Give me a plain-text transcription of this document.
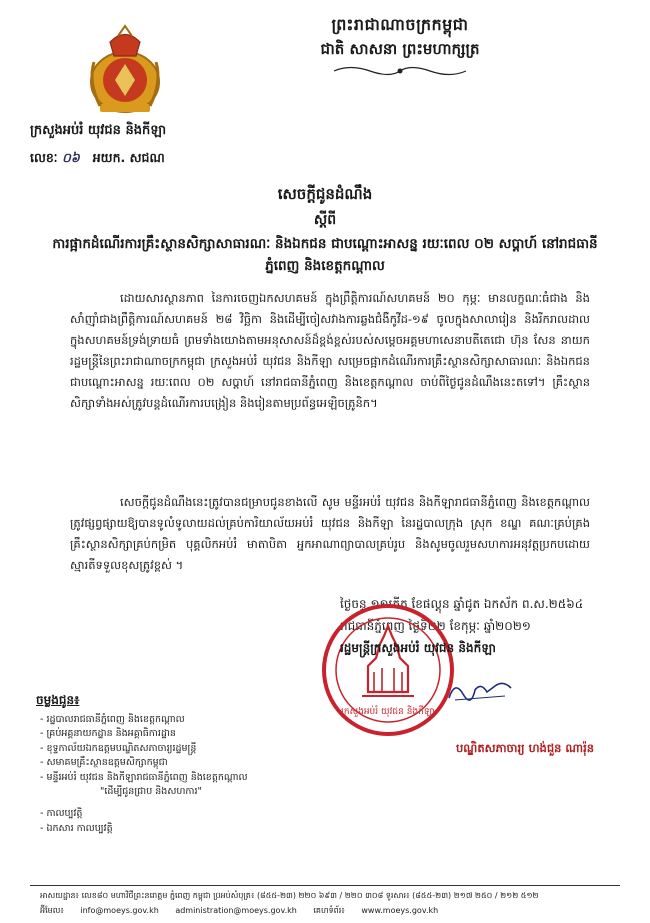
ព្រះរាជាណាចក្រកម្ពុជា
ជាតិ សាសនា ព្រះមហាក្សត្រ
ក្រសួងអប់រំ យុវជន និងកីឡា
លេខៈ ០៦ អយក. សជណ
សេចក្តីជូនដំណឹង
ស្តីពី
ការផ្អាកដំណើរការគ្រឹះស្ថានសិក្សាសាធារណៈ និងឯកជន ជាបណ្តោះអាសន្ន រយៈពេល ០២ សប្តាហ៍ នៅរាជធានីភ្នំពេញ និងខេត្តកណ្តាល
ដោយសារស្ថានភាព នៃការចេញឯកសហគមន៍ ក្នុងព្រឹត្តិការណ៍សហគមន៍ ២០ កុម្ភៈ មានលក្ខណៈធំជាង និងសាំញ៉ាំជាងព្រឹត្តិការណ៍សហគមន៍ ២៨ វិច្ឆិកា និងដើម្បីចៀសវាងការឆ្លងជំងឺកូវីដ-១៩ ចូលក្នុងសាលារៀន និងរីករាលដាលក្នុងសហគមន៍ទ្រង់ទ្រាយធំ ព្រមទាំងយោងតាមអនុសាសន៍ដ៏ខ្ពង់ខ្ពស់របស់សម្តេចអគ្គមហាសេនាបតីតេជោ ហ៊ុន សែន នាយករដ្ឋមន្ត្រីនៃព្រះរាជាណាចក្រកម្ពុជា ក្រសួងអប់រំ យុវជន និងកីឡា សម្រេចផ្អាកដំណើរការគ្រឹះស្ថានសិក្សាសាធារណៈ និងឯកជន ជាបណ្តោះអាសន្ន រយៈពេល ០២ សប្តាហ៍ នៅរាជធានីភ្នំពេញ និងខេត្តកណ្តាល ចាប់ពីថ្ងៃជូនដំណឹងនេះតទៅ។ គ្រឹះស្ថានសិក្សាទាំងអស់ត្រូវបន្តដំណើរការបង្រៀន និងរៀនតាមប្រព័ន្ធអេឡិចត្រូនិក។
សេចក្តីជូនដំណឹងនេះត្រូវបានជម្រាបជូនខាងលើ សូម មន្ទីរអប់រំ យុវជន និងកីឡារាជធានីភ្នំពេញ និងខេត្តកណ្តាល ត្រូវផ្សព្វផ្សាយឱ្យបានទូលំទូលាយដល់គ្រប់ការិយាល័យអប់រំ យុវជន និងកីឡា នៃរដ្ឋបាលក្រុង ស្រុក ខណ្ឌ គណៈគ្រប់គ្រងគ្រឹះស្ថានសិក្សាគ្រប់កម្រិត បុគ្គលិកអប់រំ មាតាបិតា អ្នកអាណាព្យាបាលគ្រប់រូប និងសូមចូលរួមសហការអនុវត្តប្រកបដោយស្មារតីទទួលខុសត្រូវខ្ពស់ ។
ថ្ងៃចន្ទ ១១កើត ខែផល្គុន ឆ្នាំជូត ឯកស័ក ព.ស.២៥៦៤
រាជធានីភ្នំពេញ ថ្ងៃទី២២ ខែកុម្ភៈ ឆ្នាំ២០២១
ក្រសួងអប់រំ យុវជន និងកីឡា
រដ្ឋមន្ត្រីក្រសួងអប់រំ យុវជន និងកីឡា
បណ្ឌិតសភាចារ្យ ហង់ជួន ណារ៉ុន
ចម្លងជូន៖
- រដ្ឋបាលរាជធានីភ្នំពេញ និងខេត្តកណ្តាល
- គ្រប់អគ្គនាយកដ្ឋាន និងអគ្គាធិការដ្ឋាន
- ខុទ្ទកាល័យឯកឧត្តមបណ្ឌិតសភាចារ្យរដ្ឋមន្ត្រី
- សមាគមគ្រឹះស្ថានឧត្តមសិក្សាកម្ពុជា
- មន្ទីរអប់រំ យុវជន និងកីឡារាជធានីភ្នំពេញ និងខេត្តកណ្តាល
"ដើម្បីជូនជ្រាប និងសហការ"
- កាលប្បវត្តិ
- ឯកសារ កាលប្បវត្តិ
អាសយដ្ឋាន៖ លេខ៨០ មហាវិថីព្រះនរោត្តម ភ្នំពេញ កម្ពុជា ប្រអប់សំបុត្រ៖ (៨៥៥-២៣) ២២០ ៦៩៣ / ២២០ ៣០៨ ទូរសារ៖ (៨៥៥-២៣) ២១៧ ២៥០ / ២១២ ៥១២
អ៊ីមែល៖ info@moeys.gov.kh administration@moeys.gov.kh គេហទំព័រ៖ www.moeys.gov.kh
